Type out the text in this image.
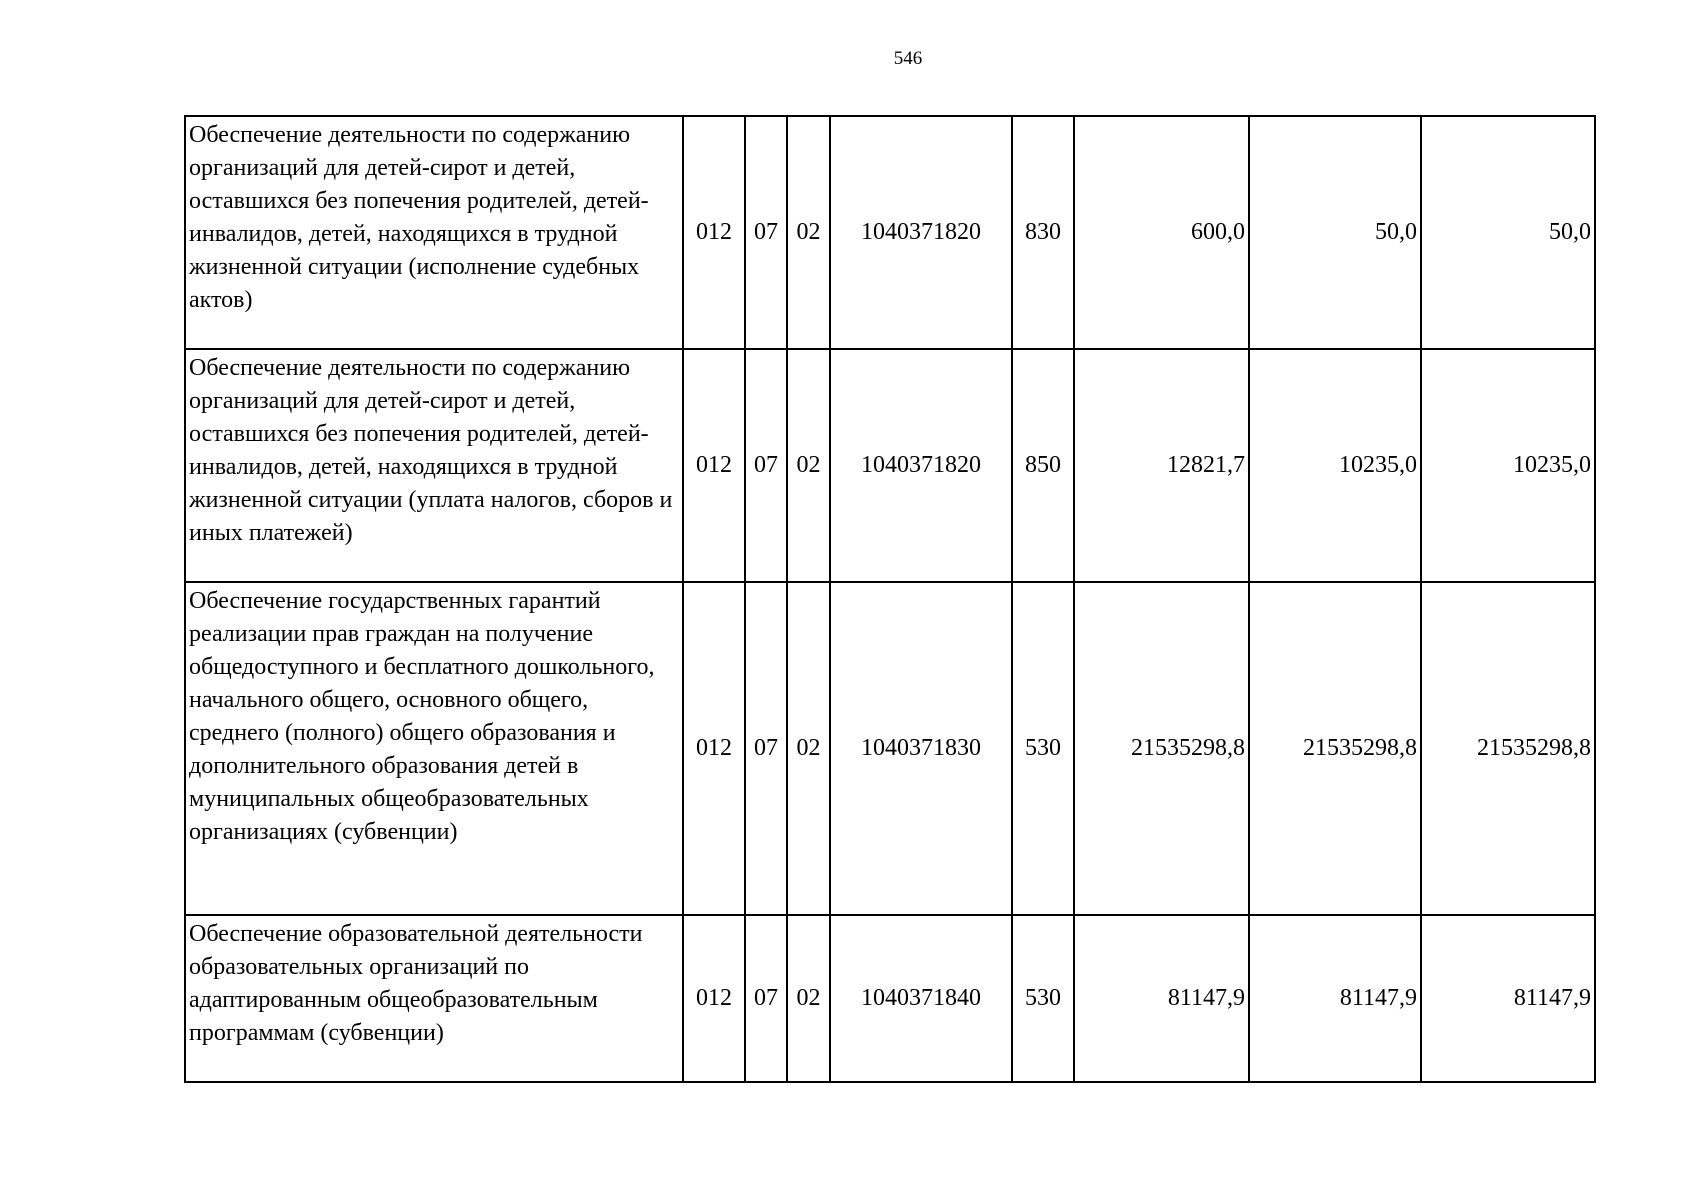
546
Обеспечение деятельности по содержанию организаций для детей-сирот и детей, оставшихся без попечения родителей, детей-инвалидов, детей, находящихся в трудной жизненной ситуации (исполнение судебных актов)	012	07	02	1040371820	830	600,0	50,0	50,0
Обеспечение деятельности по содержанию организаций для детей-сирот и детей, оставшихся без попечения родителей, детей-инвалидов, детей, находящихся в трудной жизненной ситуации (уплата налогов, сборов и иных платежей)	012	07	02	1040371820	850	12821,7	10235,0	10235,0
Обеспечение государственных гарантий реализации прав граждан на получение общедоступного и бесплатного дошкольного, начального общего, основного общего, среднего (полного) общего образования и дополнительного образования детей в муниципальных общеобразовательных организациях (субвенции)	012	07	02	1040371830	530	21535298,8	21535298,8	21535298,8
Обеспечение образовательной деятельности образовательных организаций по адаптированным общеобразовательным программам (субвенции)	012	07	02	1040371840	530	81147,9	81147,9	81147,9
